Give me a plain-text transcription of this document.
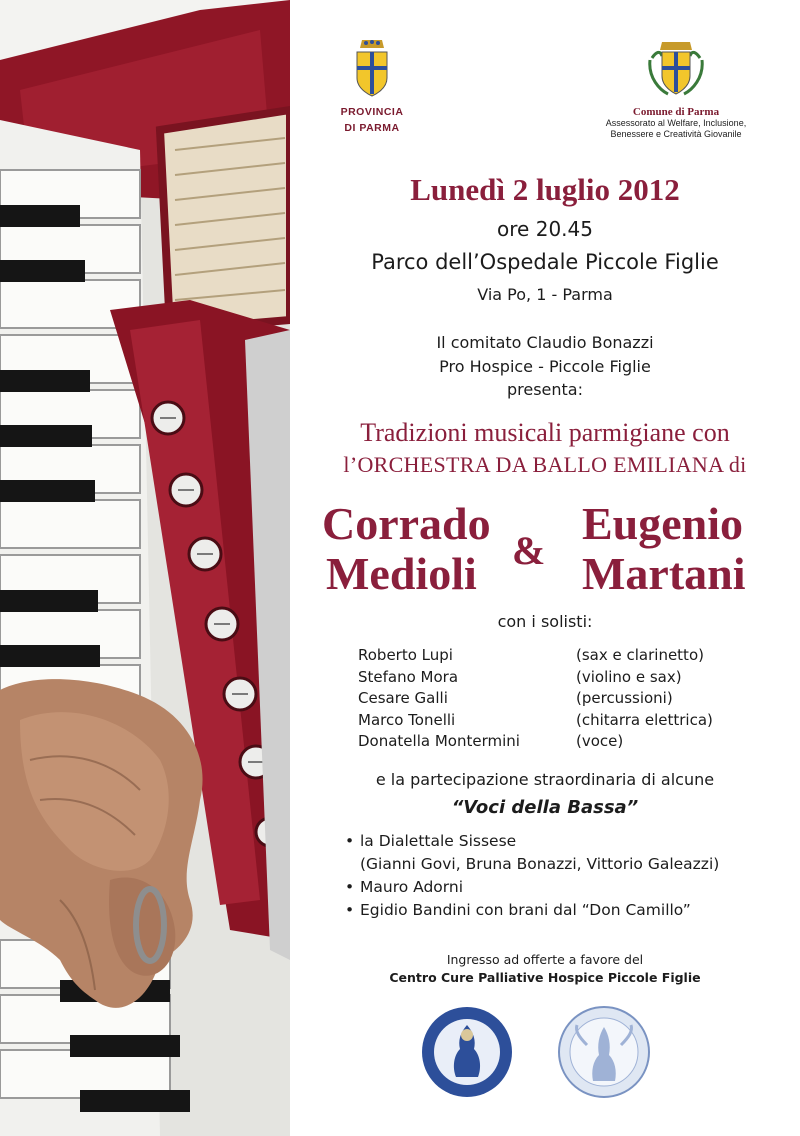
PROVINCIA
DI PARMA
Comune di Parma
Assessorato al Welfare, Inclusione,
Benessere e Creatività Giovanile
Lunedì 2 luglio 2012
ore 20.45
Parco dell’Ospedale Piccole Figlie
Via Po, 1 - Parma
Il comitato Claudio Bonazzi
Pro Hospice - Piccole Figlie
presenta:
Tradizioni musicali parmigiane con
l’ORCHESTRA DA BALLO EMILIANA di
con i solisti:
e la partecipazione straordinaria di alcune
“Voci della Bassa”
Ingresso ad offerte a favore del
Centro Cure Palliative Hospice Piccole Figlie
Corrado
Medioli &
Eugenio
Martani
Roberto Lupi	(sax e clarinetto)
Stefano Mora	(violino e sax)
Cesare Galli	(percussioni)
Marco Tonelli	(chitarra elettrica)
Donatella Montermini	(voce)
• la Dialettale Sissese
(Gianni Govi, Bruna Bonazzi, Vittorio Galeazzi)
• Mauro Adorni
• Egidio Bandini con brani dal “Don Camillo”
